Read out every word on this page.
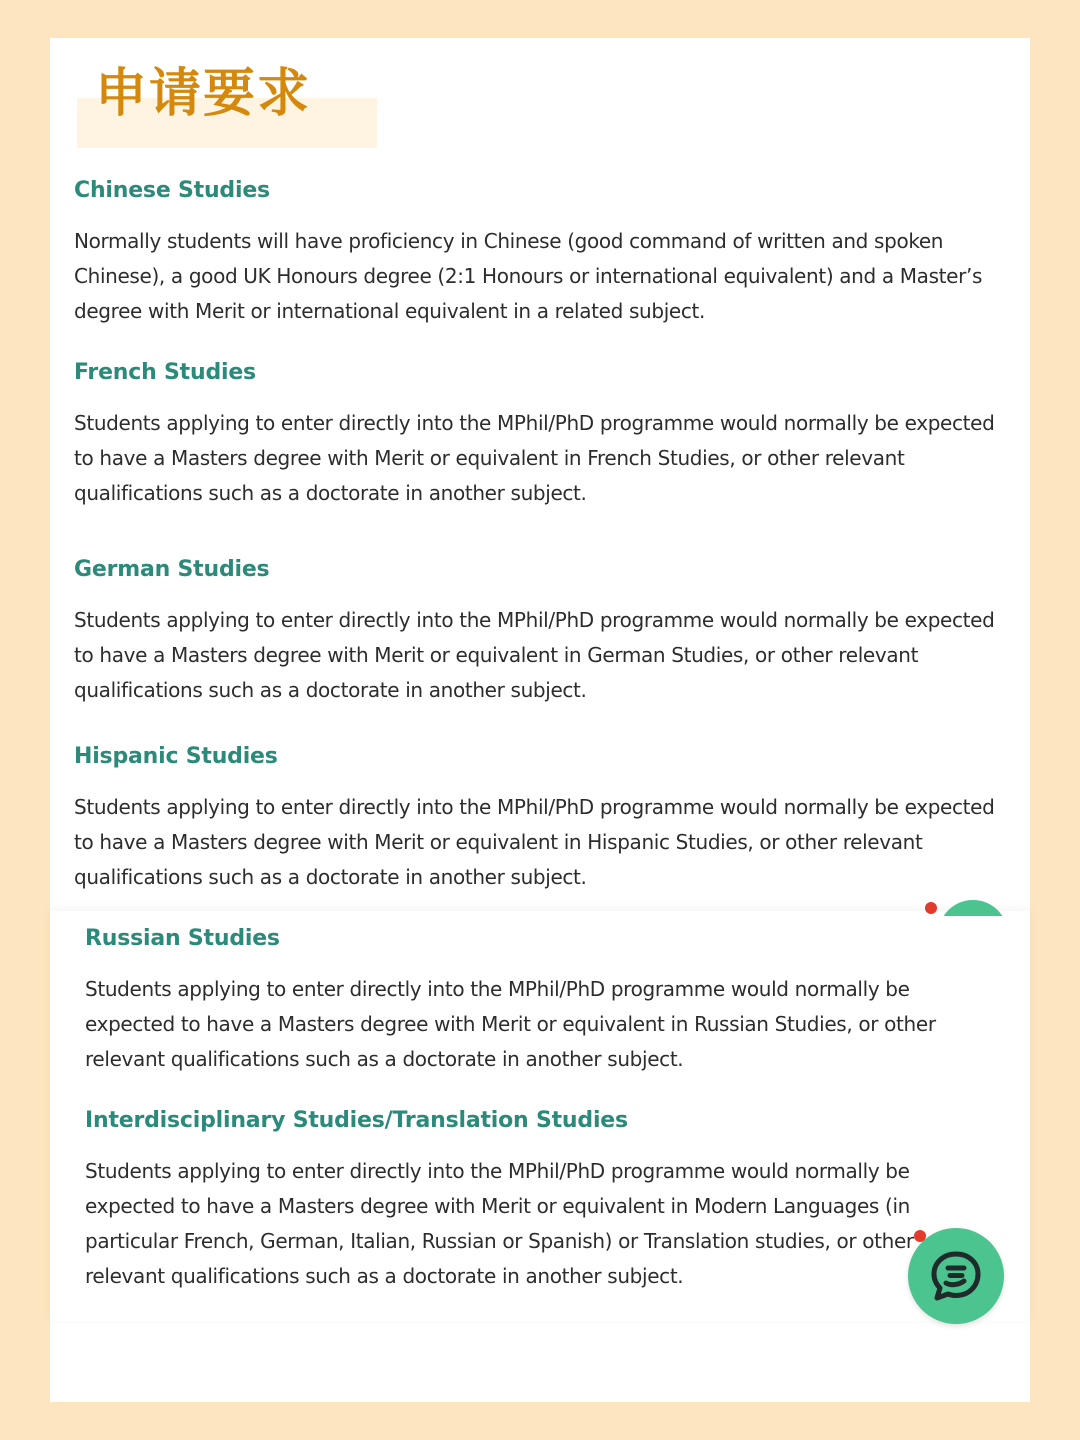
申请要求
Chinese Studies

Normally students will have proficiency in Chinese (good command of written and spoken Chinese), a good UK Honours degree (2:1 Honours or international equivalent) and a Master’s degree with Merit or international equivalent in a related subject.

French Studies

Students applying to enter directly into the MPhil/PhD programme would normally be expected to have a Masters degree with Merit or equivalent in French Studies, or other relevant qualifications such as a doctorate in another subject.

German Studies

Students applying to enter directly into the MPhil/PhD programme would normally be expected to have a Masters degree with Merit or equivalent in German Studies, or other relevant qualifications such as a doctorate in another subject.

Hispanic Studies

Students applying to enter directly into the MPhil/PhD programme would normally be expected to have a Masters degree with Merit or equivalent in Hispanic Studies, or other relevant qualifications such as a doctorate in another subject.

Russian Studies

Students applying to enter directly into the MPhil/PhD programme would normally be expected to have a Masters degree with Merit or equivalent in Russian Studies, or other relevant qualifications such as a doctorate in another subject.

Interdisciplinary Studies/Translation Studies

Students applying to enter directly into the MPhil/PhD programme would normally be expected to have a Masters degree with Merit or equivalent in Modern Languages (in particular French, German, Italian, Russian or Spanish) or Translation studies, or other relevant qualifications such as a doctorate in another subject.
